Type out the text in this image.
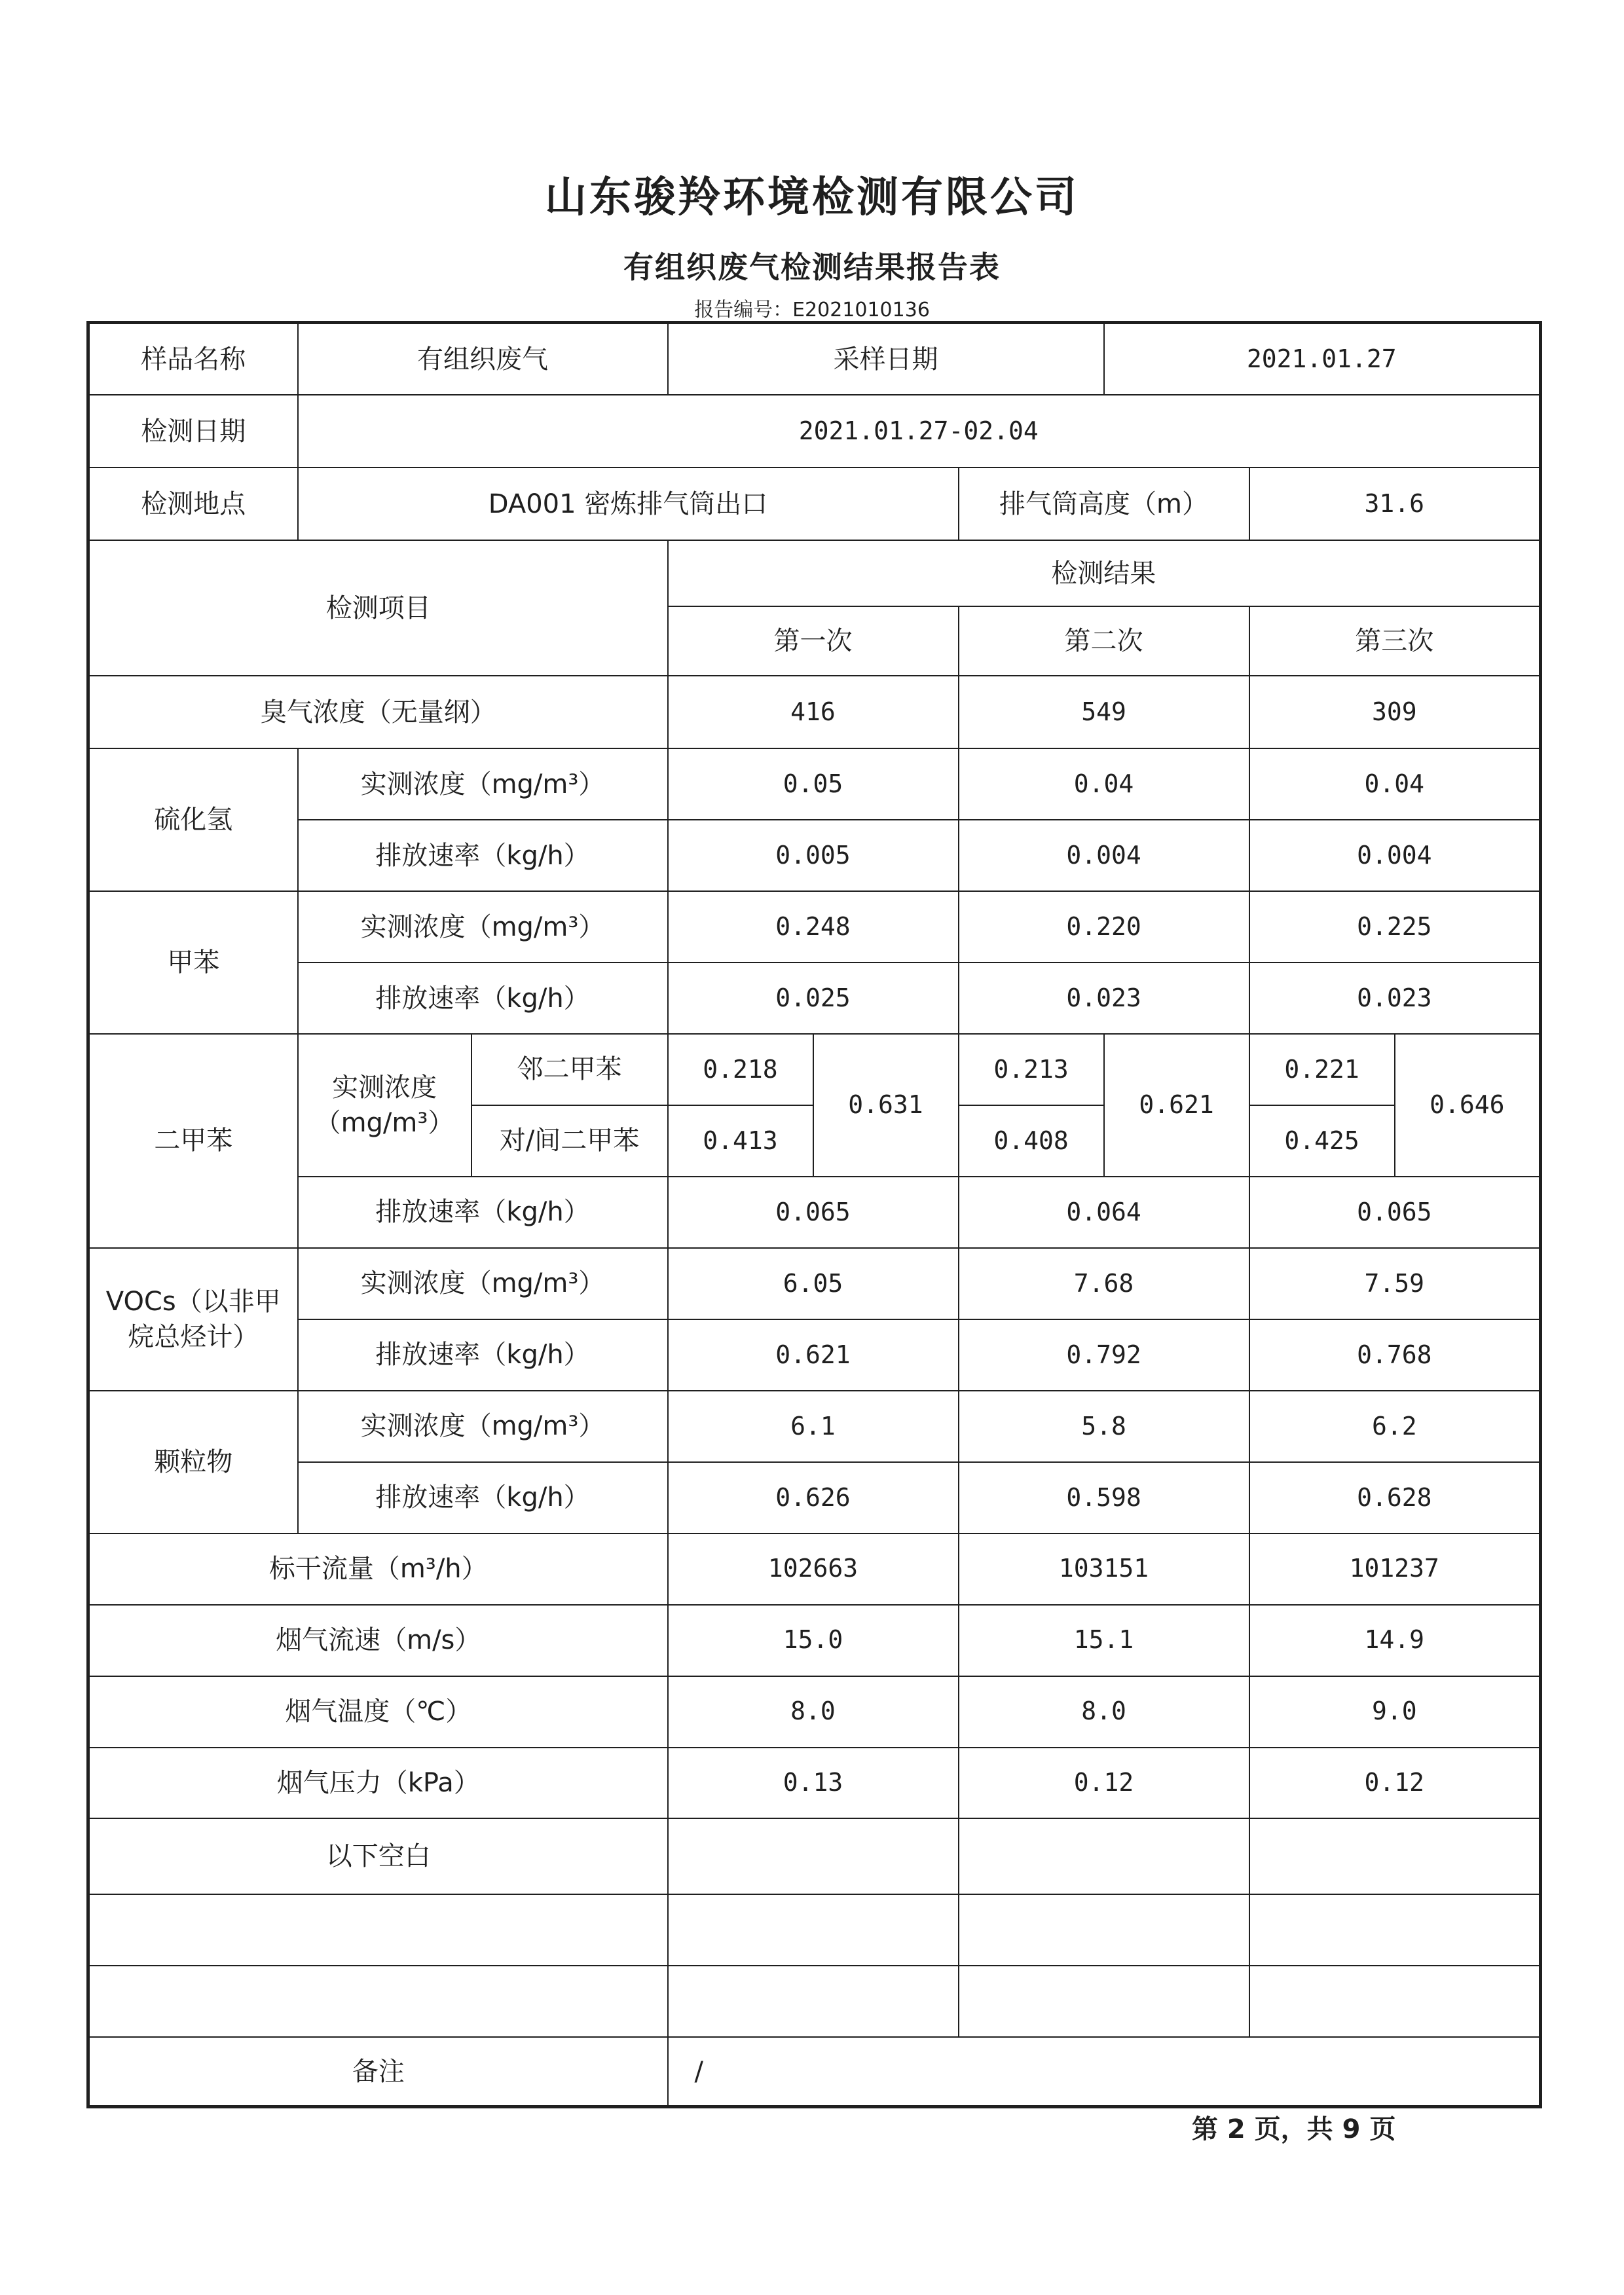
山东骏羚环境检测有限公司
有组织废气检测结果报告表
报告编号：E2021010136
样品名称	有组织废气		采样日期			2021.01.27		
检测日期	2021.01.27-02.04							
检测地点	DA001 密炼排气筒出口				排气筒高度（m）		31.6	
检测项目			检测结果					
			第一次		第二次		第三次	
臭气浓度（无量纲）			416		549		309	
硫化氢	实测浓度（mg/m³）		0.05		0.04		0.04	
	排放速率（kg/h）		0.005		0.004		0.004	
甲苯	实测浓度（mg/m³）		0.248		0.220		0.225	
	排放速率（kg/h）		0.025		0.023		0.023	
二甲苯	实测浓度
（mg/m³）	邻二甲苯	0.218	0.631	0.213	0.621	0.221	0.646
		对/间二甲苯	0.413		0.408		0.425	
	排放速率（kg/h）		0.065		0.064		0.065	

VOCs（以非甲
烷总烃计）	实测浓度（mg/m³）		6.05		7.68		7.59	
	排放速率（kg/h）		0.621		0.792		0.768	
颗粒物	实测浓度（mg/m³）		6.1		5.8		6.2	
	排放速率（kg/h）		0.626		0.598		0.628	
标干流量（m³/h）			102663		103151		101237	
烟气流速（m/s）			15.0		15.1		14.9	
烟气温度（℃）			8.0		8.0		9.0	
烟气压力（kPa）			0.13		0.12		0.12	
以下空白								

备注			/					
第 2 页，共 9 页
